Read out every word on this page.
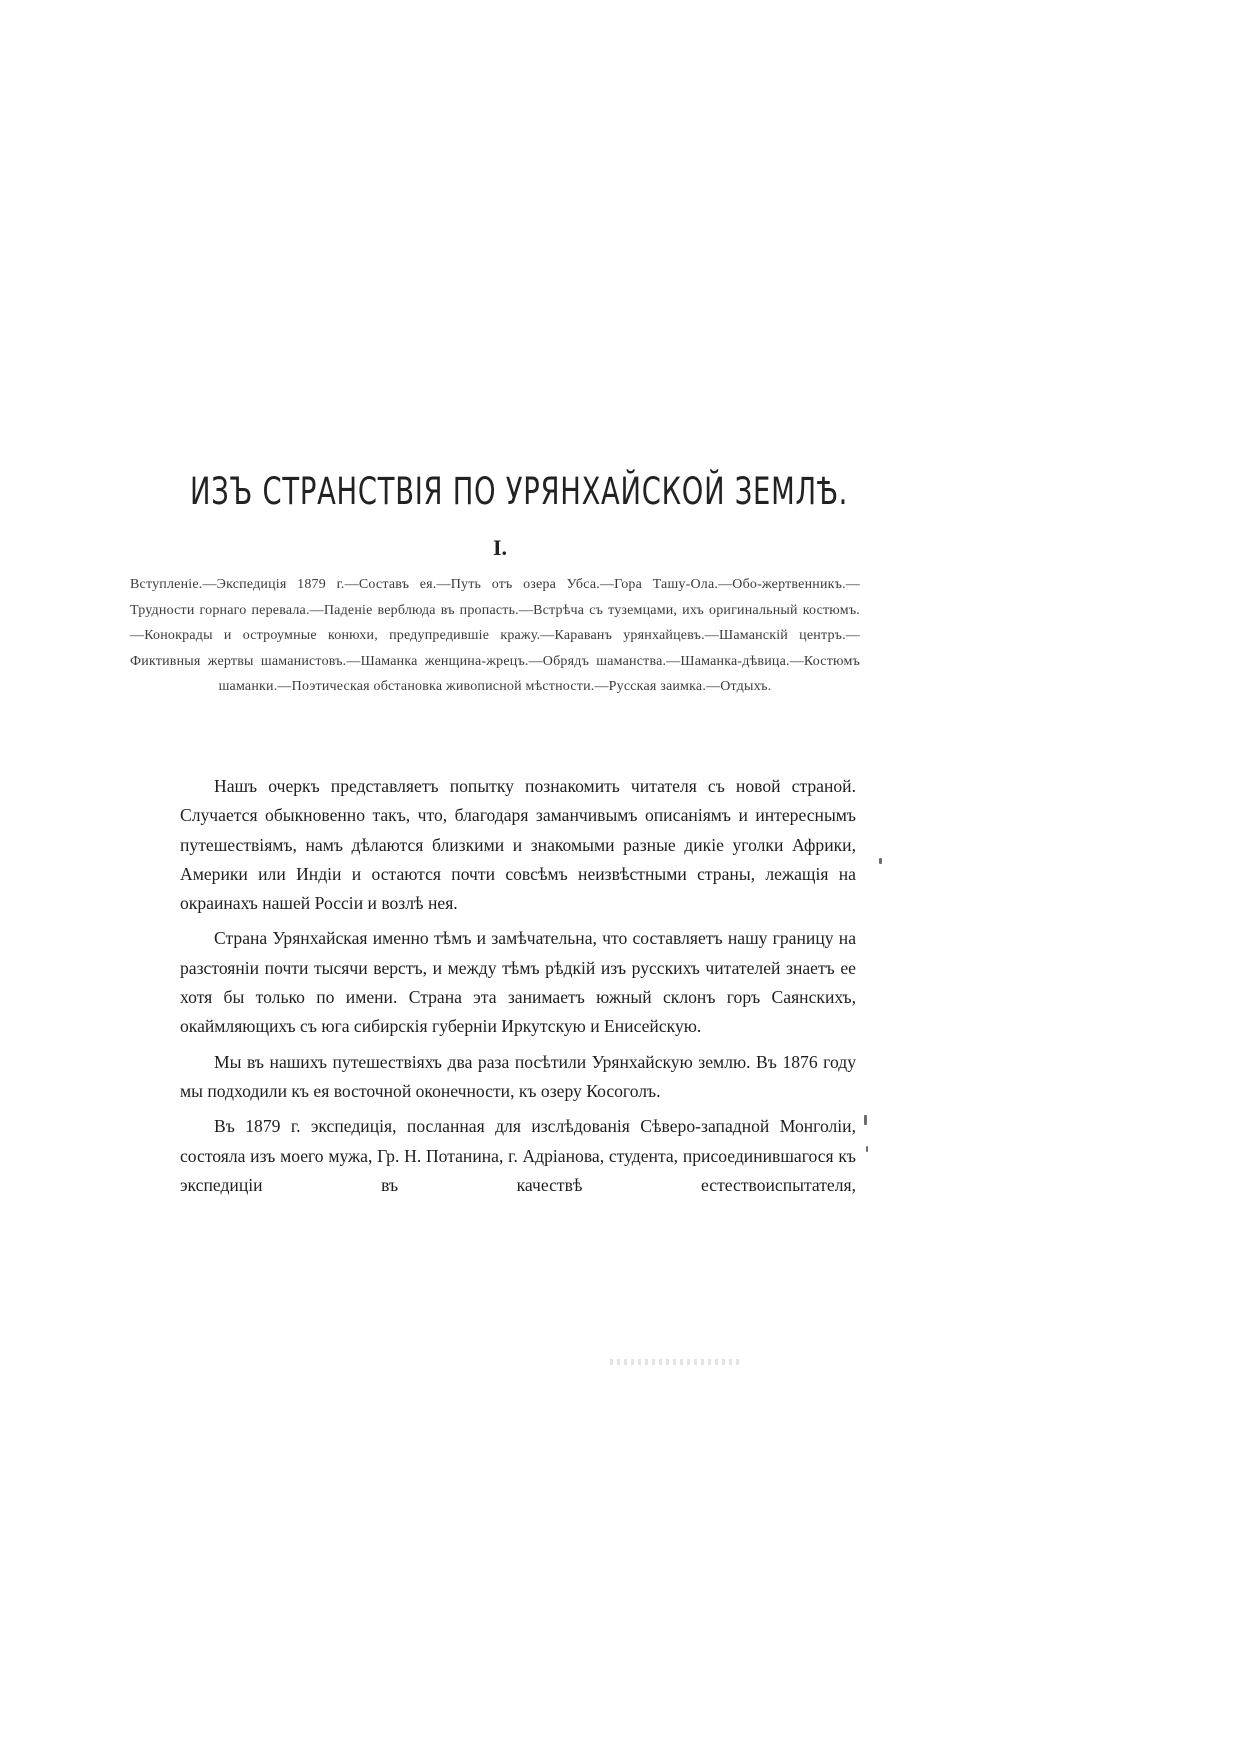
ИЗЪ СТРАНСТВІЯ ПО УРЯНХАЙСКОЙ ЗЕМЛѢ.
I.
Вступленіе.—Экспедиція 1879 г.—Составъ ея.—Путь отъ озера Убса.—Гора Ташу-Ола.—Обо-жертвенникъ.—Трудности горнаго перевала.—Паденіе верблюда въ пропасть.—Встрѣча съ туземцами, ихъ оригинальный костюмъ.—Конокрады и остроумные конюхи, предупредившіе кражу.—Караванъ урянхайцевъ.—Шаманскій центръ.—Фиктивныя жертвы шаманистовъ.—Шаманка женщина-жрецъ.—Обрядъ шаманства.—Шаманка-дѣвица.—Костюмъ шаманки.—Поэтическая обстановка живописной мѣстности.—Русская заимка.—Отдыхъ.

Нашъ очеркъ представляетъ попытку познакомить читателя съ новой страной. Случается обыкновенно такъ, что, благодаря заманчивымъ описаніямъ и интереснымъ путешествіямъ, намъ дѣлаются близкими и знакомыми разные дикіе уголки Африки, Америки или Индіи и остаются почти совсѣмъ неизвѣстными страны, лежащія на окраинахъ нашей Россіи и возлѣ нея.

Страна Урянхайская именно тѣмъ и замѣчательна, что составляетъ нашу границу на разстояніи почти тысячи верстъ, и между тѣмъ рѣдкій изъ русскихъ читателей знаетъ ее хотя бы только по имени. Страна эта занимаетъ южный склонъ горъ Саянскихъ, окаймляющихъ съ юга сибирскія губерніи Иркутскую и Енисейскую.

Мы въ нашихъ путешествіяхъ два раза посѣтили Урянхайскую землю. Въ 1876 году мы подходили къ ея восточной оконечности, къ озеру Косоголъ.

Въ 1879 г. экспедиція, посланная для изслѣдованія Сѣверо-западной Монголіи, состояла изъ моего мужа, Гр. Н. Потанина, г. Адріанова, студента, присоединившагося къ экспедиціи въ качествѣ естествоиспытателя,
